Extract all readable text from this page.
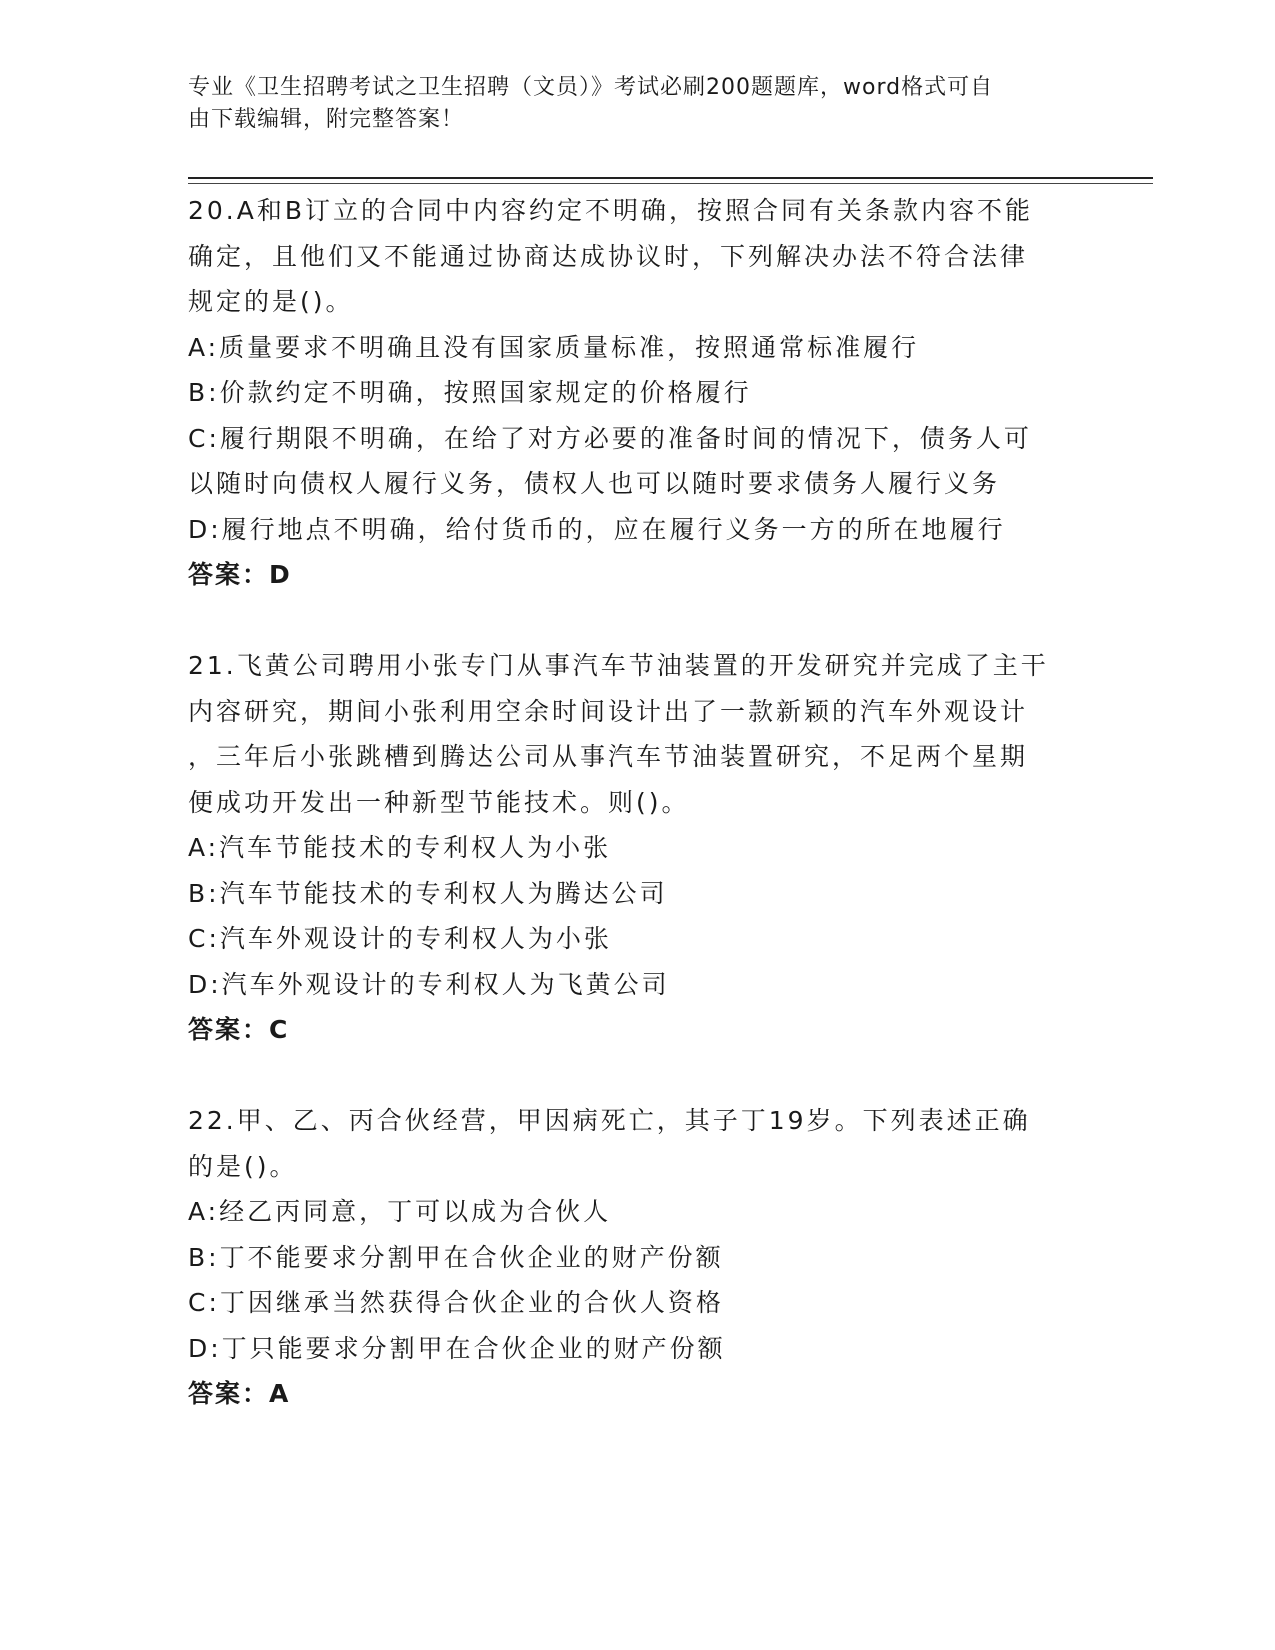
专业《卫生招聘考试之卫生招聘（文员）》考试必刷200题题库，word格式可自
由下载编辑，附完整答案！
20.A和B订立的合同中内容约定不明确，按照合同有关条款内容不能
确定，且他们又不能通过协商达成协议时，下列解决办法不符合法律
规定的是()。
A:质量要求不明确且没有国家质量标准，按照通常标准履行
B:价款约定不明确，按照国家规定的价格履行
C:履行期限不明确，在给了对方必要的准备时间的情况下，债务人可
以随时向债权人履行义务，债权人也可以随时要求债务人履行义务
D:履行地点不明确，给付货币的，应在履行义务一方的所在地履行
答案：D
21.飞黄公司聘用小张专门从事汽车节油装置的开发研究并完成了主干
内容研究，期间小张利用空余时间设计出了一款新颖的汽车外观设计
，三年后小张跳槽到腾达公司从事汽车节油装置研究，不足两个星期
便成功开发出一种新型节能技术。则()。
A:汽车节能技术的专利权人为小张
B:汽车节能技术的专利权人为腾达公司
C:汽车外观设计的专利权人为小张
D:汽车外观设计的专利权人为飞黄公司
答案：C
22.甲、乙、丙合伙经营，甲因病死亡，其子丁19岁。下列表述正确
的是()。
A:经乙丙同意，丁可以成为合伙人
B:丁不能要求分割甲在合伙企业的财产份额
C:丁因继承当然获得合伙企业的合伙人资格
D:丁只能要求分割甲在合伙企业的财产份额
答案：A
